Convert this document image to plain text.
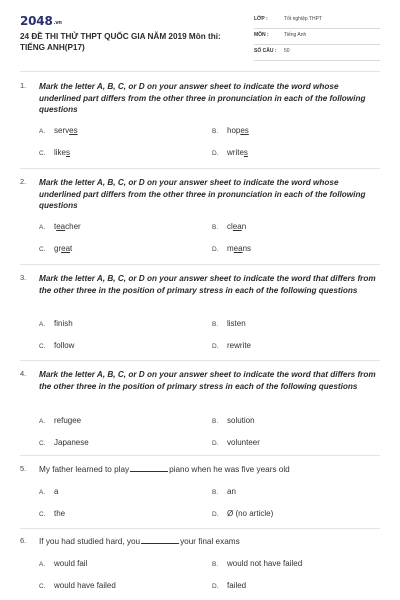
2048.vn
24 ĐỀ THI THỬ THPT QUỐC GIA NĂM 2019 Môn thi: TIẾNG ANH(P17)
LỚP :	Tốt nghiệp THPT
MÔN :	Tiếng Anh
SỐ CÂU : 50
1. Mark the letter A, B, C, or D on your answer sheet to indicate the word whose underlined part differs from the other three in pronunciation in each of the following questions
A. serves	B. hopes
C. likes	D. writes
2. Mark the letter A, B, C, or D on your answer sheet to indicate the word whose underlined part differs from the other three in pronunciation in each of the following questions
A. teacher	B. clean
C. great	D. means
3. Mark the letter A, B, C, or D on your answer sheet to indicate the word that differs from the other three in the position of primary stress in each of the following questions
A. finish	B. listen
C. follow	D. rewrite
4. Mark the letter A, B, C, or D on your answer sheet to indicate the word that differs from the other three in the position of primary stress in each of the following questions
A. refugee	B. solution
C. Japanese	D. volunteer
5. My father learned to play	piano when he was five years old
A. a	B. an
C. the	D. Ø (no article)
6. If you had studied hard, you	your final exams
A. would fail	B. would not have failed
C. would have failed	D. failed
